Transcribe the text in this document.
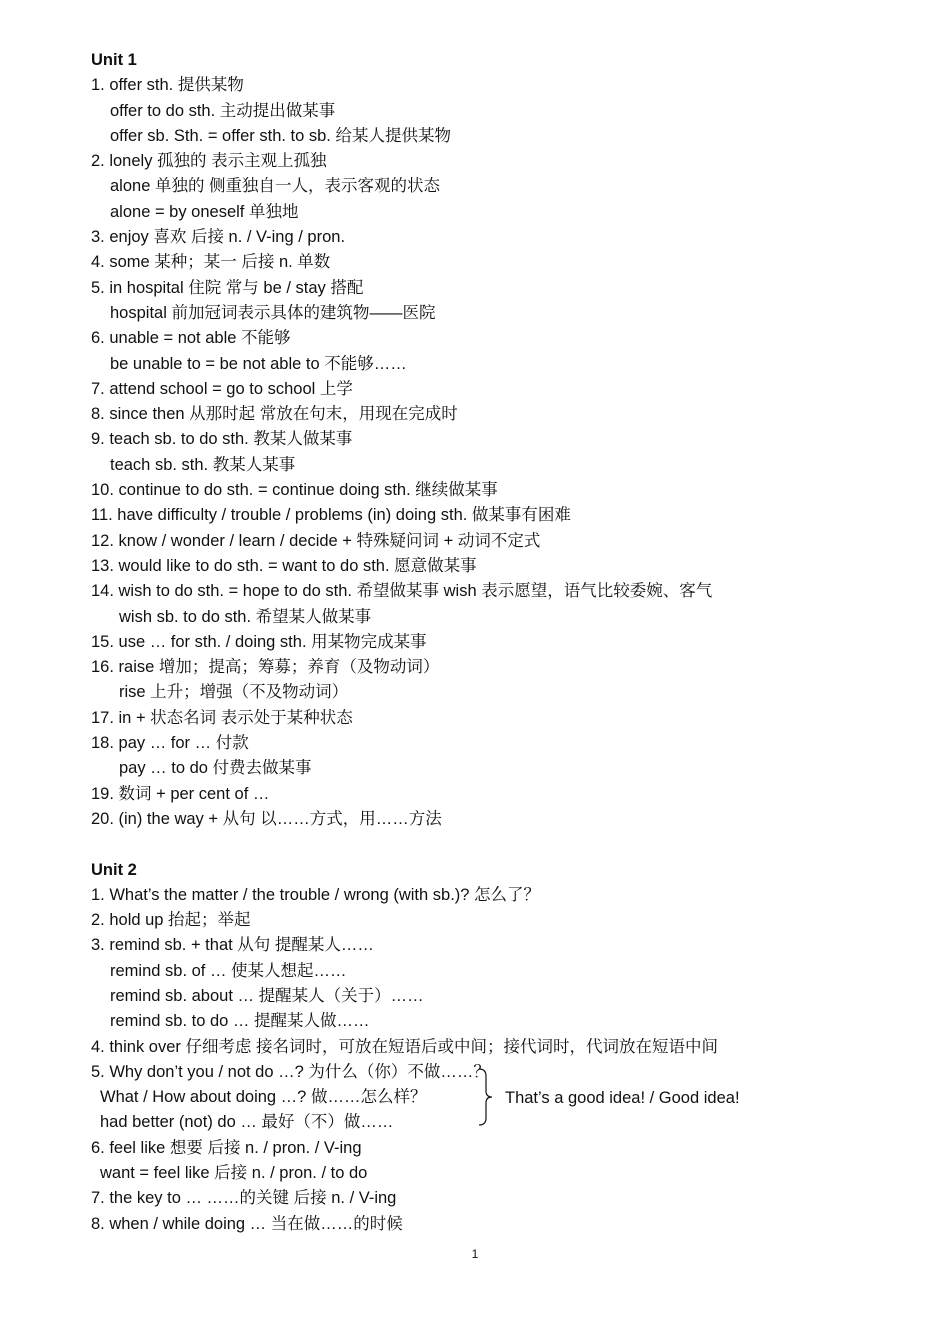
Unit 1
1. offer sth. 提供某物
offer to do sth. 主动提出做某事
offer sb. Sth. = offer sth. to sb. 给某人提供某物
2. lonely 孤独的 表示主观上孤独
alone 单独的 侧重独自一人，表示客观的状态
alone = by oneself 单独地
3. enjoy 喜欢 后接 n. / V-ing / pron.
4. some 某种；某一 后接 n. 单数
5. in hospital 住院 常与 be / stay 搭配
hospital 前加冠词表示具体的建筑物——医院
6. unable = not able 不能够
be unable to = be not able to 不能够……
7. attend school = go to school 上学
8. since then 从那时起 常放在句末，用现在完成时
9. teach sb. to do sth. 教某人做某事
teach sb. sth. 教某人某事
10. continue to do sth. = continue doing sth. 继续做某事
11. have difficulty / trouble / problems (in) doing sth. 做某事有困难
12. know / wonder / learn / decide + 特殊疑问词 + 动词不定式
13. would like to do sth. = want to do sth. 愿意做某事
14. wish to do sth. = hope to do sth. 希望做某事 wish 表示愿望，语气比较委婉、客气
wish sb. to do sth. 希望某人做某事
15. use … for sth. / doing sth. 用某物完成某事
16. raise 增加；提高；筹募；养育（及物动词）
rise 上升；增强（不及物动词）
17. in + 状态名词 表示处于某种状态
18. pay … for … 付款
pay … to do 付费去做某事
19. 数词 + per cent of …
20. (in) the way + 从句 以……方式，用……方法
Unit 2
1. What’s the matter / the trouble / wrong (with sb.)? 怎么了？
2. hold up 抬起；举起
3. remind sb. + that 从句 提醒某人……
remind sb. of … 使某人想起……
remind sb. about … 提醒某人（关于）……
remind sb. to do … 提醒某人做……
4. think over 仔细考虑 接名词时，可放在短语后或中间；接代词时，代词放在短语中间
5. Why don’t you / not do …? 为什么（你）不做……？
What / How about doing …? 做……怎么样？
had better (not) do … 最好（不）做……
6. feel like 想要 后接 n. / pron. / V-ing
want = feel like 后接 n. / pron. / to do
7. the key to … ……的关键 后接 n. / V-ing
8. when / while doing … 当在做……的时候
That’s a good idea! / Good idea!
1
